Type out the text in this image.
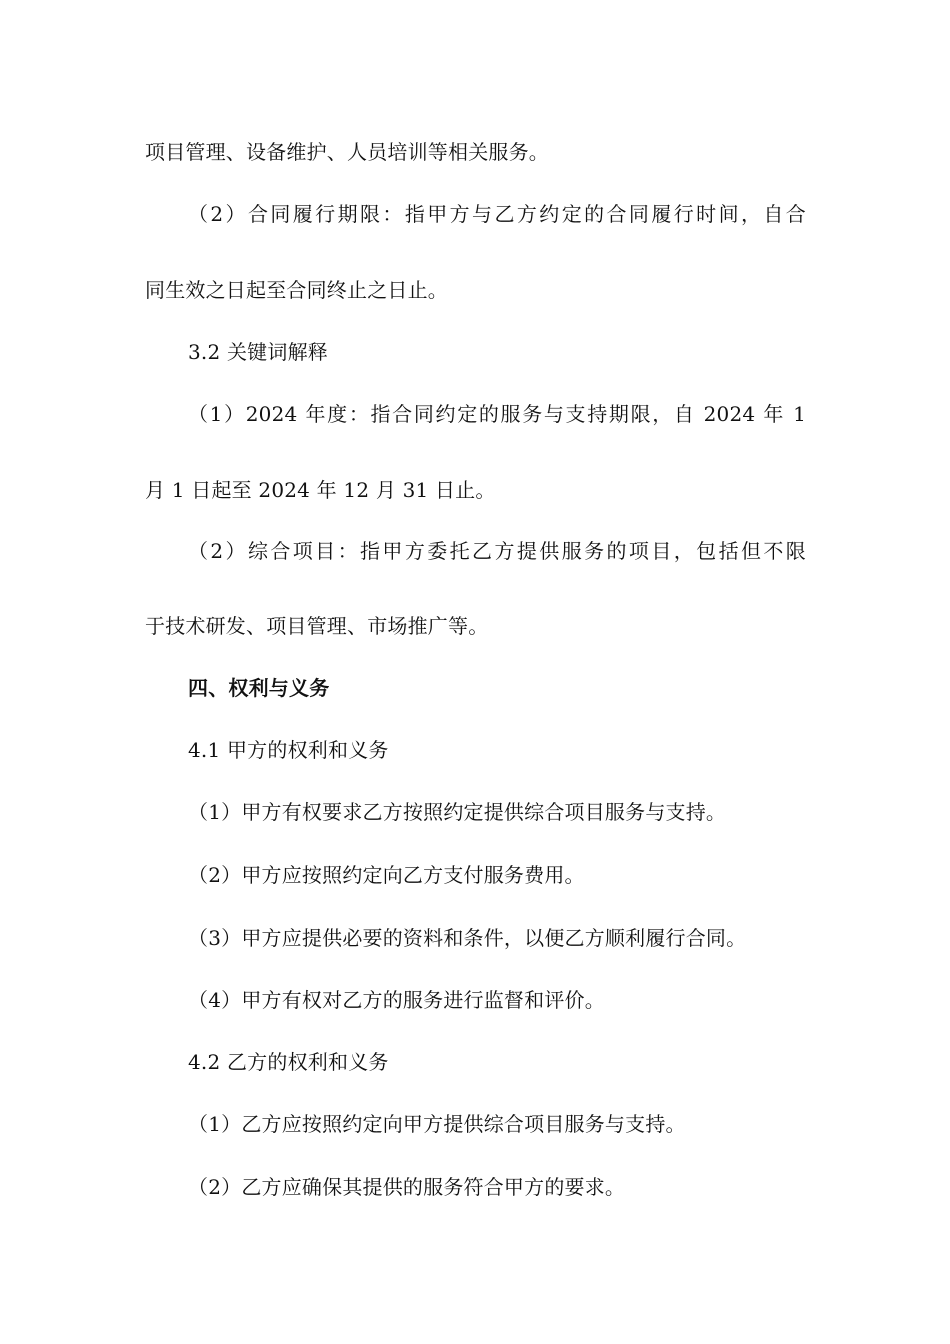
项目管理、设备维护、人员培训等相关服务。
（2）合同履行期限：指甲方与乙方约定的合同履行时间，自合
同生效之日起至合同终止之日止。
3.2 关键词解释
（1）2024 年度：指合同约定的服务与支持期限，自 2024 年 1
月 1 日起至 2024 年 12 月 31 日止。
（2）综合项目：指甲方委托乙方提供服务的项目，包括但不限
于技术研发、项目管理、市场推广等。
四、权利与义务
4.1 甲方的权利和义务
（1）甲方有权要求乙方按照约定提供综合项目服务与支持。
（2）甲方应按照约定向乙方支付服务费用。
（3）甲方应提供必要的资料和条件，以便乙方顺利履行合同。
（4）甲方有权对乙方的服务进行监督和评价。
4.2 乙方的权利和义务
（1）乙方应按照约定向甲方提供综合项目服务与支持。
（2）乙方应确保其提供的服务符合甲方的要求。
